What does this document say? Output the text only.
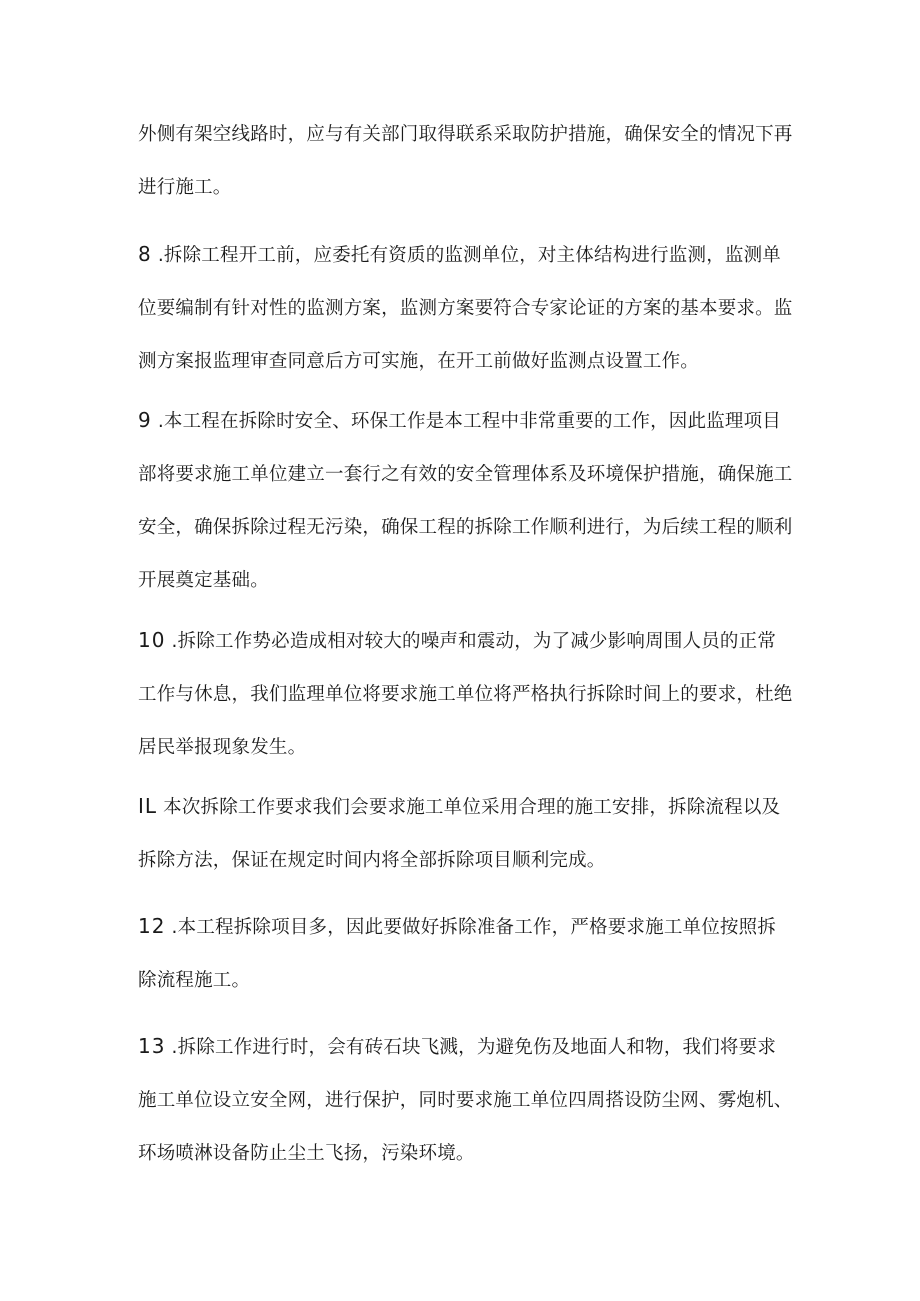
外侧有架空线路时，应与有关部门取得联系采取防护措施，确保安全的情况下再进行施工。

8 .拆除工程开工前，应委托有资质的监测单位，对主体结构进行监测，监测单位要编制有针对性的监测方案，监测方案要符合专家论证的方案的基本要求。监测方案报监理审查同意后方可实施，在开工前做好监测点设置工作。

9 .本工程在拆除时安全、环保工作是本工程中非常重要的工作，因此监理项目部将要求施工单位建立一套行之有效的安全管理体系及环境保护措施，确保施工安全，确保拆除过程无污染，确保工程的拆除工作顺利进行，为后续工程的顺利开展奠定基础。

10 .拆除工作势必造成相对较大的噪声和震动，为了减少影响周围人员的正常工作与休息，我们监理单位将要求施工单位将严格执行拆除时间上的要求，杜绝居民举报现象发生。

IL 本次拆除工作要求我们会要求施工单位采用合理的施工安排，拆除流程以及拆除方法，保证在规定时间内将全部拆除项目顺利完成。

12 .本工程拆除项目多，因此要做好拆除准备工作，严格要求施工单位按照拆除流程施工。

13 .拆除工作进行时，会有砖石块飞溅，为避免伤及地面人和物，我们将要求施工单位设立安全网，进行保护，同时要求施工单位四周搭设防尘网、雾炮机、环场喷淋设备防止尘土飞扬，污染环境。
